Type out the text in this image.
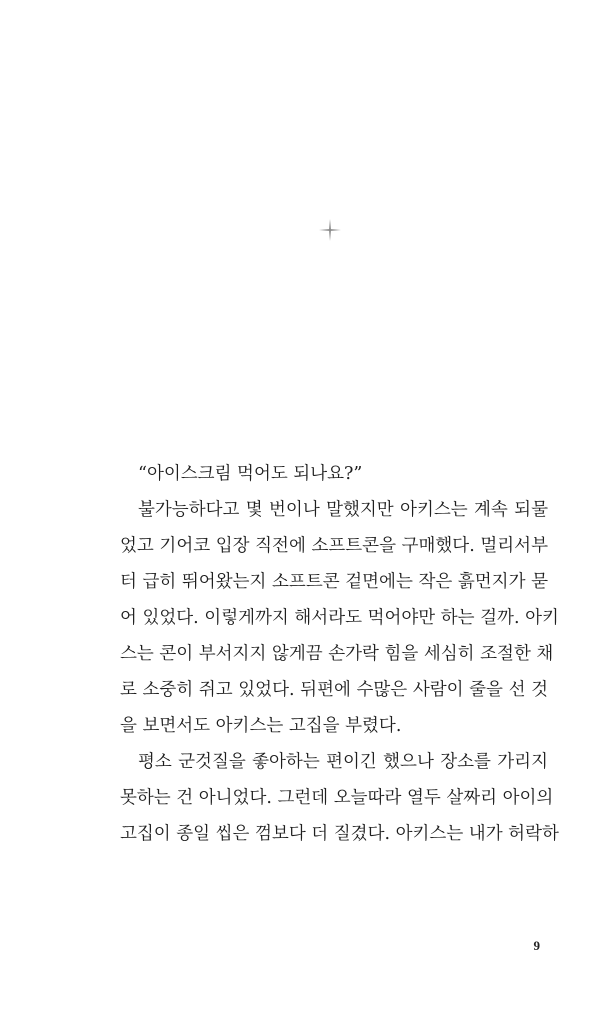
“아이스크림 먹어도 되나요?”
불가능하다고 몇 번이나 말했지만 아키스는 계속 되물
었고 기어코 입장 직전에 소프트콘을 구매했다. 멀리서부
터 급히 뛰어왔는지 소프트콘 겉면에는 작은 흙먼지가 묻
어 있었다. 이렇게까지 해서라도 먹어야만 하는 걸까. 아키
스는 콘이 부서지지 않게끔 손가락 힘을 세심히 조절한 채
로 소중히 쥐고 있었다. 뒤편에 수많은 사람이 줄을 선 것
을 보면서도 아키스는 고집을 부렸다.
평소 군것질을 좋아하는 편이긴 했으나 장소를 가리지
못하는 건 아니었다. 그런데 오늘따라 열두 살짜리 아이의
고집이 종일 씹은 껌보다 더 질겼다. 아키스는 내가 허락하
9
